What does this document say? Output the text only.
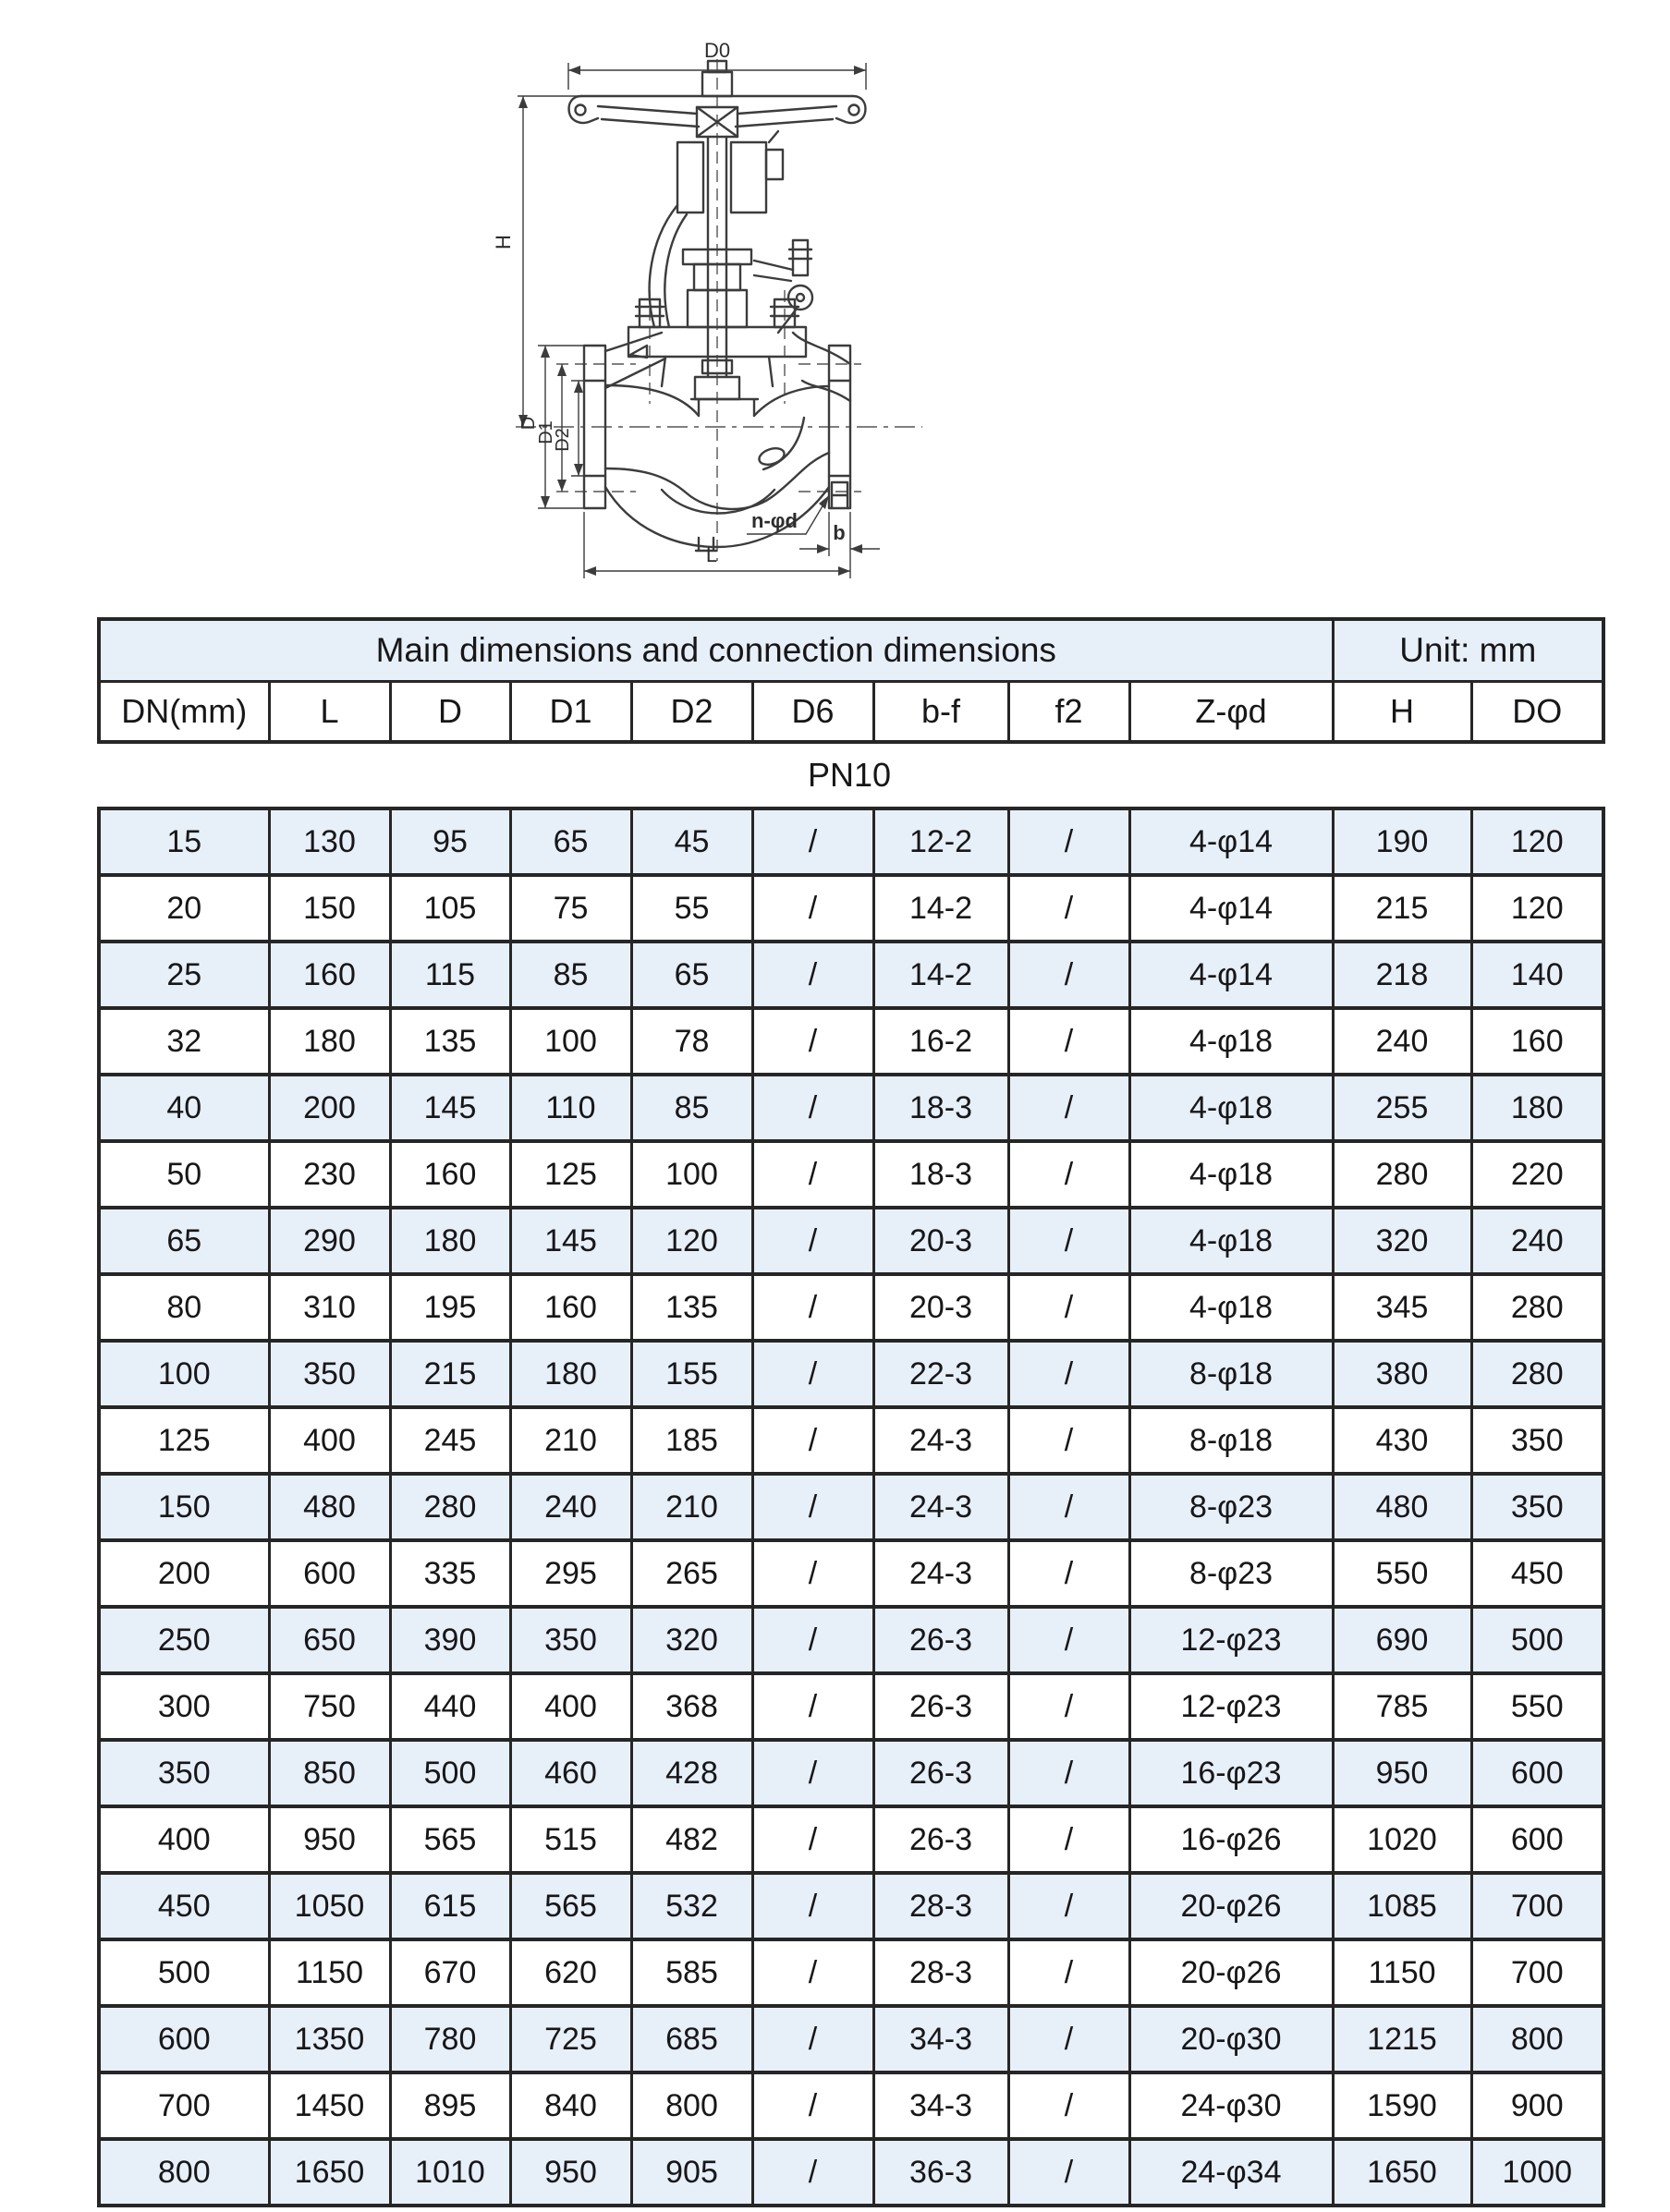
D0
H
D
D1
D2
n-φd
b
L
Main dimensions and connection dimensions									Unit: mm	
DN(mm)	L	D	D1	D2	D6	b-f	f2	Z-φd	H	DO
PN10
15	130	95	65	45	/	12-2	/	4-φ14	190	120
20	150	105	75	55	/	14-2	/	4-φ14	215	120
25	160	115	85	65	/	14-2	/	4-φ14	218	140
32	180	135	100	78	/	16-2	/	4-φ18	240	160
40	200	145	110	85	/	18-3	/	4-φ18	255	180
50	230	160	125	100	/	18-3	/	4-φ18	280	220
65	290	180	145	120	/	20-3	/	4-φ18	320	240
80	310	195	160	135	/	20-3	/	4-φ18	345	280
100	350	215	180	155	/	22-3	/	8-φ18	380	280
125	400	245	210	185	/	24-3	/	8-φ18	430	350
150	480	280	240	210	/	24-3	/	8-φ23	480	350
200	600	335	295	265	/	24-3	/	8-φ23	550	450
250	650	390	350	320	/	26-3	/	12-φ23	690	500
300	750	440	400	368	/	26-3	/	12-φ23	785	550
350	850	500	460	428	/	26-3	/	16-φ23	950	600
400	950	565	515	482	/	26-3	/	16-φ26	1020	600
450	1050	615	565	532	/	28-3	/	20-φ26	1085	700
500	1150	670	620	585	/	28-3	/	20-φ26	1150	700
600	1350	780	725	685	/	34-3	/	20-φ30	1215	800
700	1450	895	840	800	/	34-3	/	24-φ30	1590	900
800	1650	1010	950	905	/	36-3	/	24-φ34	1650	1000
